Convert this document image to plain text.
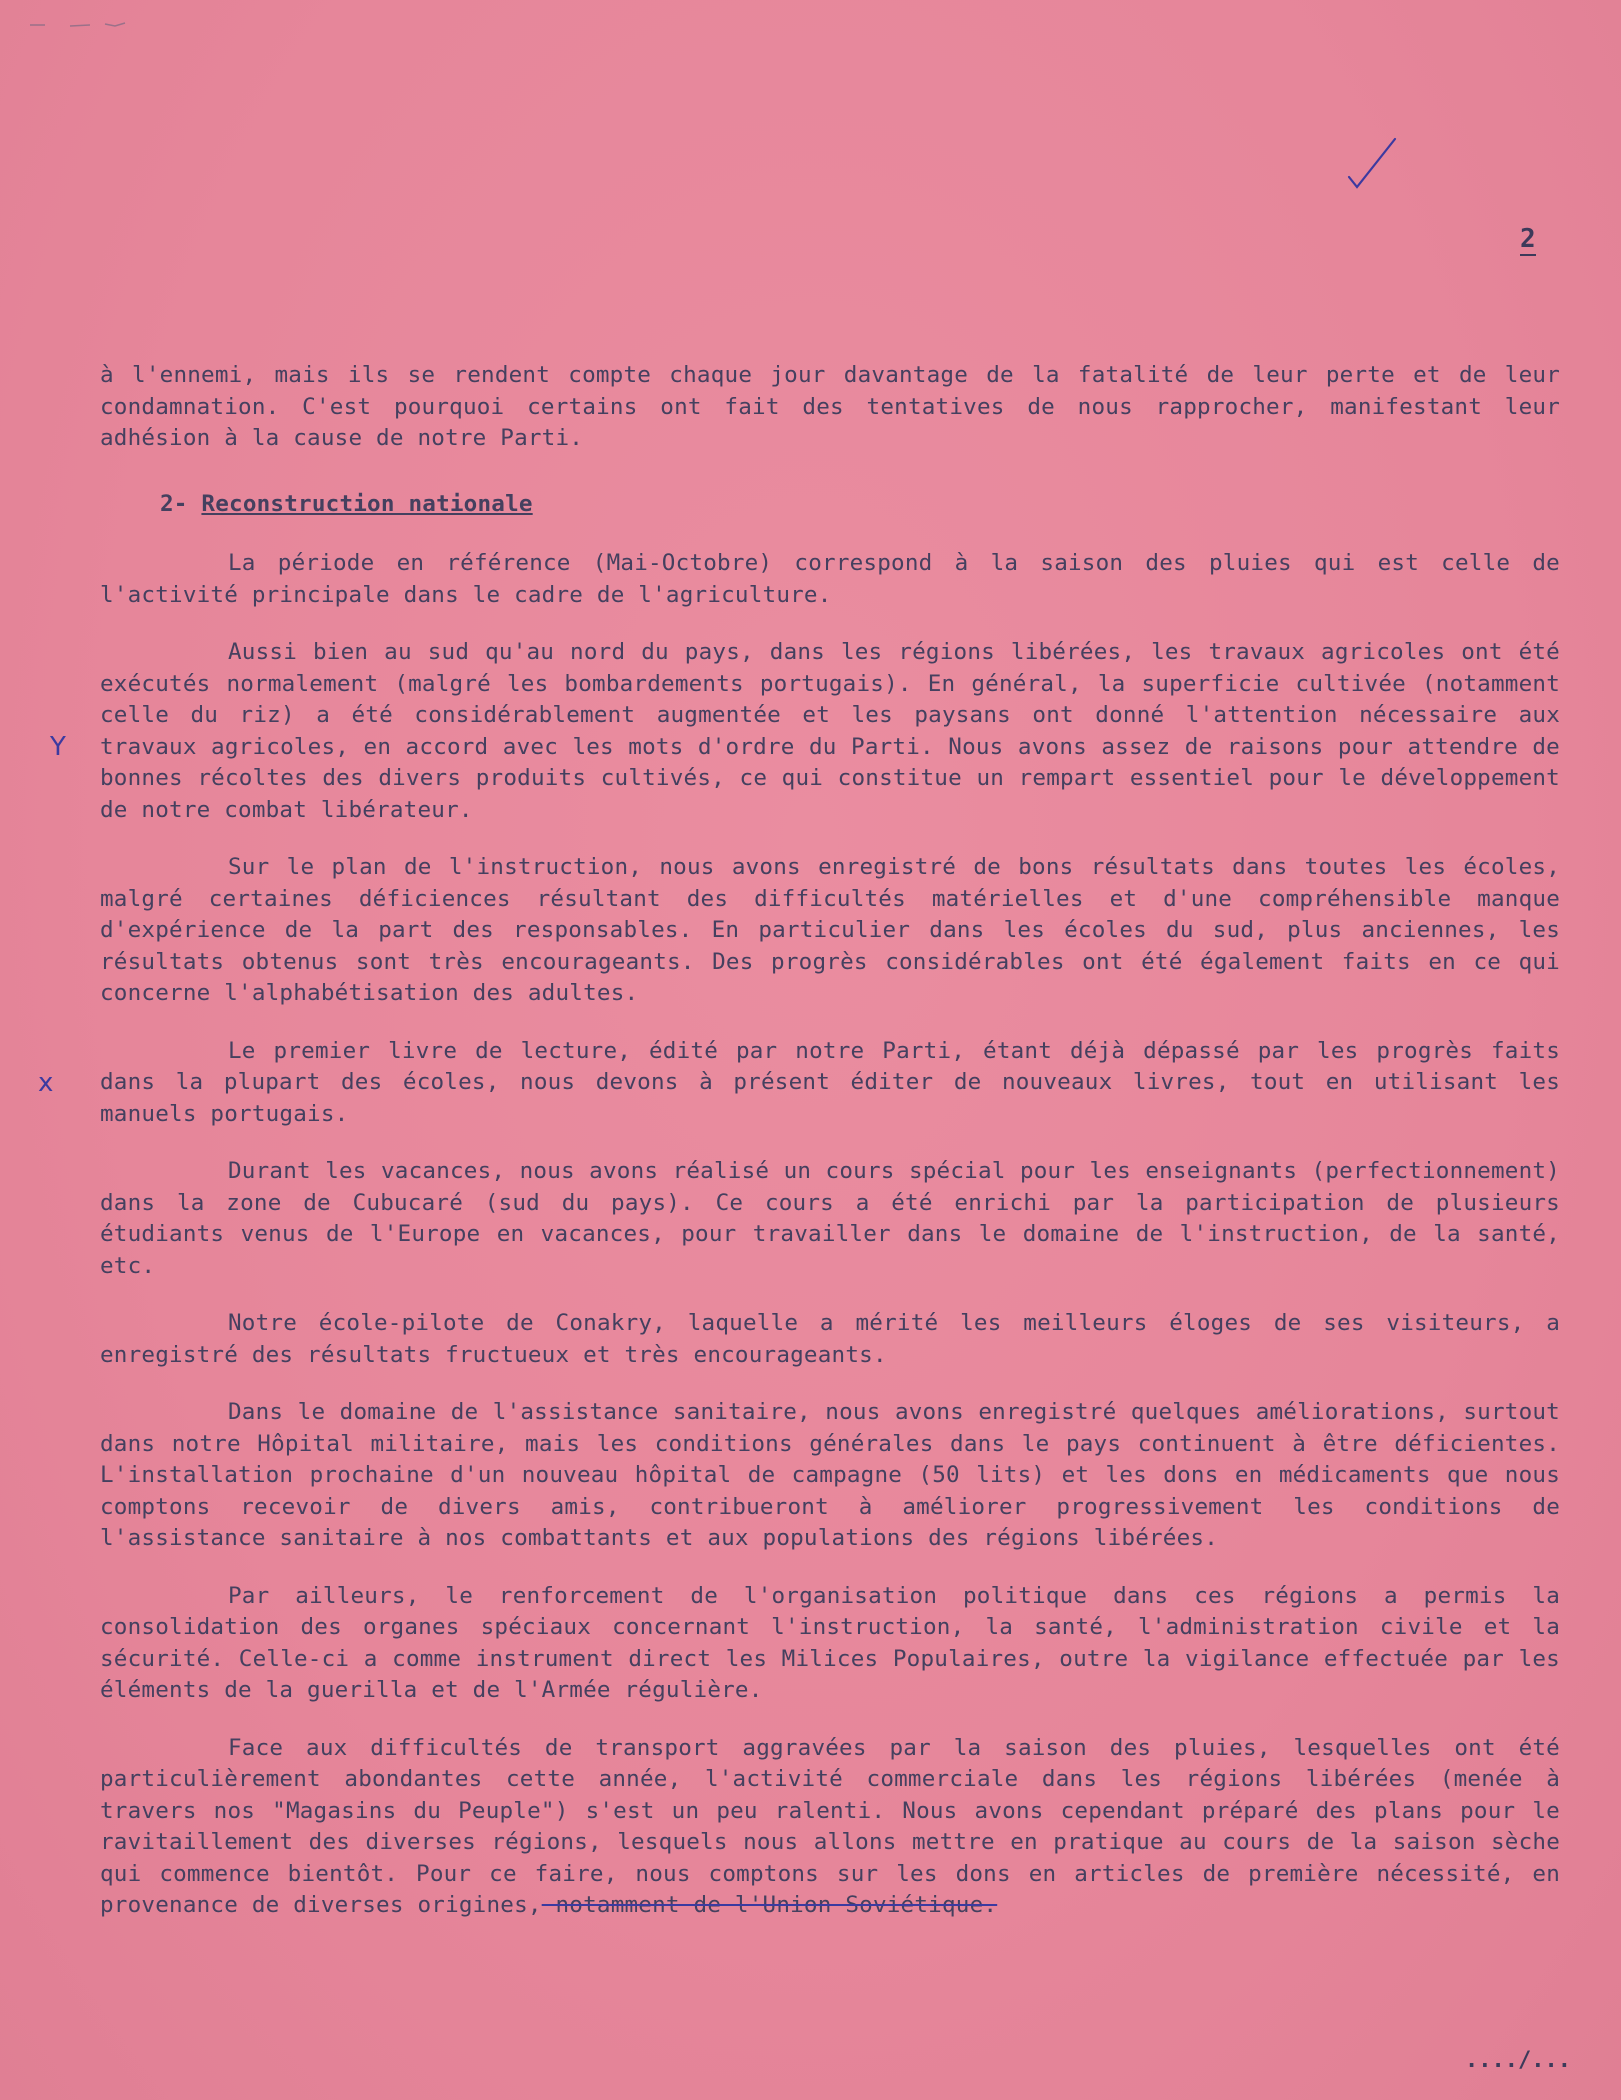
2
Y
x

à l'ennemi, mais ils se rendent compte chaque jour davantage de la fatalité de leur perte et de leur condamnation. C'est pourquoi certains ont fait des tentatives de nous rapprocher, manifestant leur adhésion à la cause de notre Parti.

2- Reconstruction nationale

La période en référence (Mai-Octobre) correspond à la saison des pluies qui est celle de l'activité principale dans le cadre de l'agriculture.

Aussi bien au sud qu'au nord du pays, dans les régions libérées, les travaux agricoles ont été exécutés normalement (malgré les bombardements portugais). En général, la superficie cultivée (notamment celle du riz) a été considérablement augmentée et les paysans ont donné l'attention nécessaire aux travaux agricoles, en accord avec les mots d'ordre du Parti. Nous avons assez de raisons pour attendre de bonnes récoltes des divers produits cultivés, ce qui constitue un rempart essentiel pour le développement de notre combat libérateur.

Sur le plan de l'instruction, nous avons enregistré de bons résultats dans toutes les écoles, malgré certaines déficiences résultant des difficultés matérielles et d'une compréhensible manque d'expérience de la part des responsables. En particulier dans les écoles du sud, plus anciennes, les résultats obtenus sont très encourageants. Des progrès considérables ont été également faits en ce qui concerne l'alphabétisation des adultes.

Le premier livre de lecture, édité par notre Parti, étant déjà dépassé par les progrès faits dans la plupart des écoles, nous devons à présent éditer de nouveaux livres, tout en utilisant les manuels portugais.

Durant les vacances, nous avons réalisé un cours spécial pour les enseignants (perfectionnement) dans la zone de Cubucaré (sud du pays). Ce cours a été enrichi par la participation de plusieurs étudiants venus de l'Europe en vacances, pour travailler dans le domaine de l'instruction, de la santé, etc.

Notre école-pilote de Conakry, laquelle a mérité les meilleurs éloges de ses visiteurs, a enregistré des résultats fructueux et très encourageants.

Dans le domaine de l'assistance sanitaire, nous avons enregistré quelques améliorations, surtout dans notre Hôpital militaire, mais les conditions générales dans le pays continuent à être déficientes. L'installation prochaine d'un nouveau hôpital de campagne (50 lits) et les dons en médicaments que nous comptons recevoir de divers amis, contribueront à améliorer progressivement les conditions de l'assistance sanitaire à nos combattants et aux populations des régions libérées.

Par ailleurs, le renforcement de l'organisation politique dans ces régions a permis la consolidation des organes spéciaux concernant l'instruction, la santé, l'administration civile et la sécurité. Celle-ci a comme instrument direct les Milices Populaires, outre la vigilance effectuée par les éléments de la guerilla et de l'Armée régulière.

Face aux difficultés de transport aggravées par la saison des pluies, lesquelles ont été particulièrement abondantes cette année, l'activité commerciale dans les régions libérées (menée à travers nos "Magasins du Peuple") s'est un peu ralenti. Nous avons cependant préparé des plans pour le ravitaillement des diverses régions, lesquels nous allons mettre en pratique au cours de la saison sèche qui commence bientôt. Pour ce faire, nous comptons sur les dons en articles de première nécessité, en provenance de diverses origines, notamment de l'Union Soviétique.

..../...
